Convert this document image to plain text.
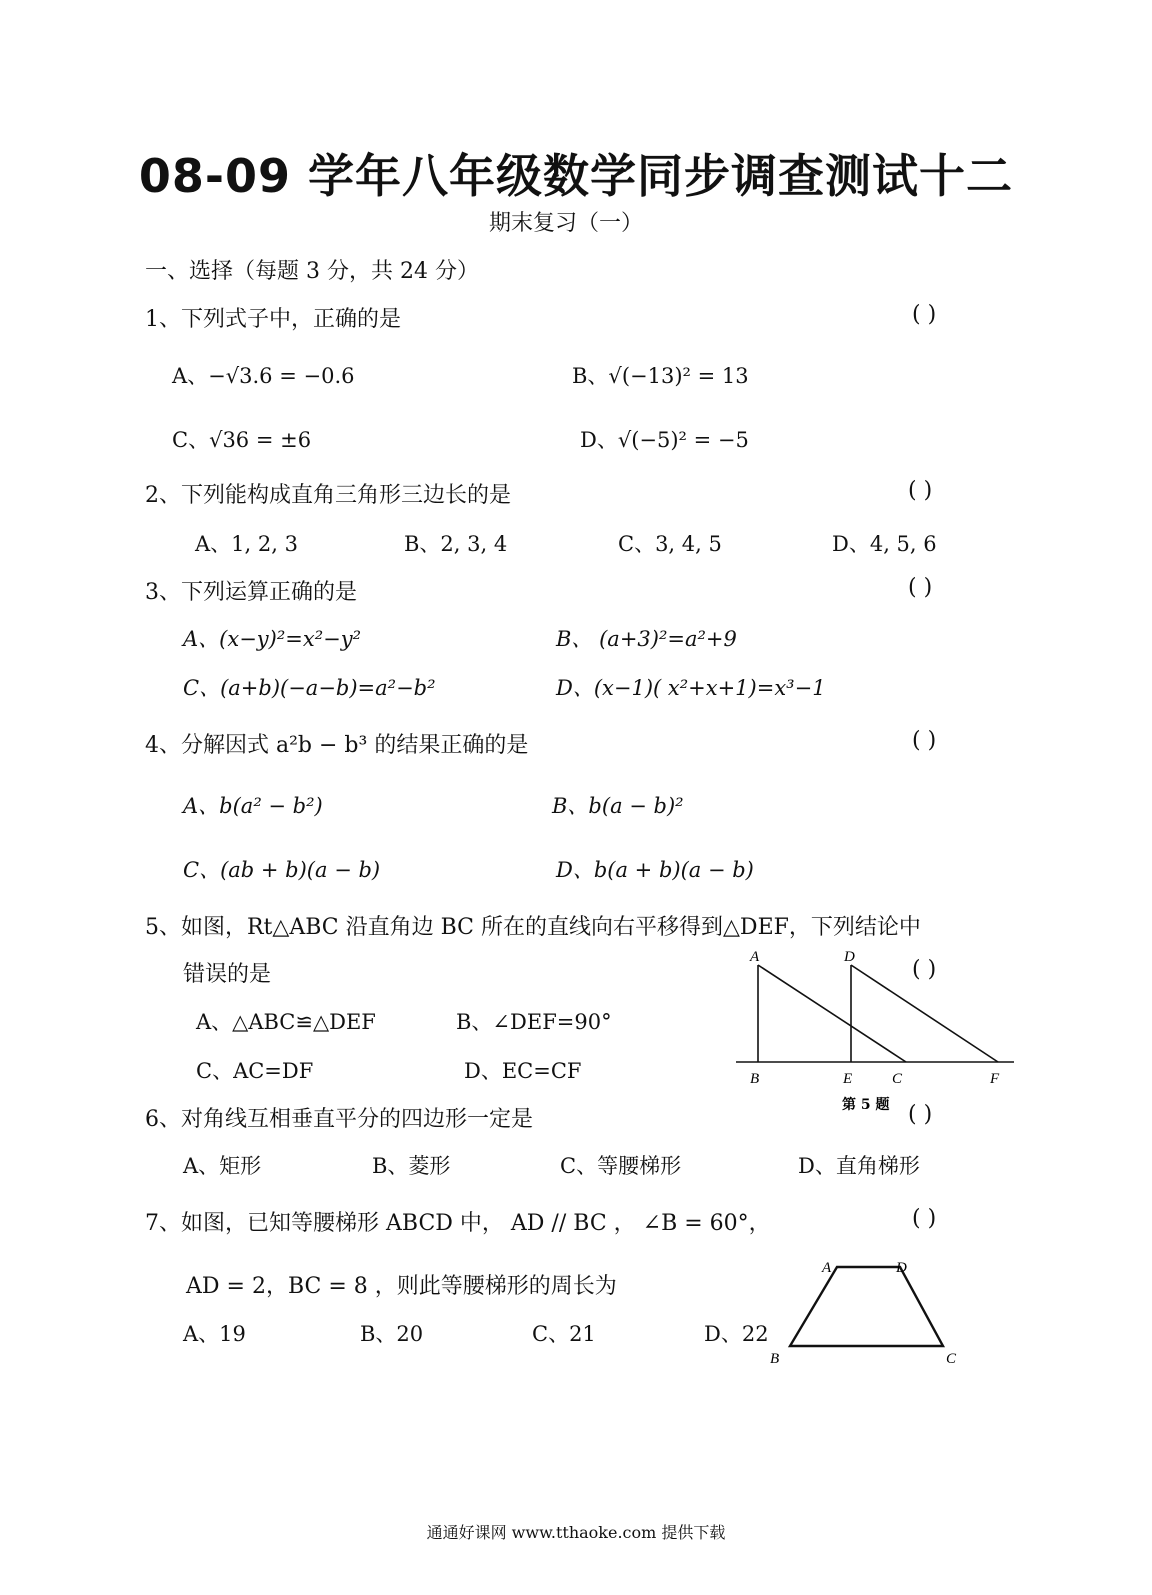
08-09 学年八年级数学同步调查测试十二
期末复习（一）
一、选择（每题 3 分，共 24 分）
1、下列式子中，正确的是	( )
A、−√3.6 = −0.6	B、√(−13)² = 13
C、√36 = ±6	D、√(−5)² = −5
2、下列能构成直角三角形三边长的是	( )
A、1, 2, 3	B、2, 3, 4	C、3, 4, 5	D、4, 5, 6
3、下列运算正确的是	( )
A、(x−y)²=x²−y²	B、 (a+3)²=a²+9
C、(a+b)(−a−b)=a²−b²	D、(x−1)( x²+x+1)=x³−1
4、分解因式 a²b − b³ 的结果正确的是	( )
A、b(a² − b²)	B、b(a − b)²
C、(ab + b)(a − b)	D、b(a + b)(a − b)
5、如图，Rt△ABC 沿直角边 BC 所在的直线向右平移得到△DEF，下列结论中
错误的是	( )
A、△ABC≌△DEF	B、∠DEF=90°
C、AC=DF	D、EC=CF
A	D
B	E	C	F
第 5 题
6、对角线互相垂直平分的四边形一定是	( )
A、矩形	B、菱形	C、等腰梯形	D、直角梯形
7、如图，已知等腰梯形 ABCD 中， AD // BC ， ∠B = 60°，	( )
AD = 2，BC = 8 ，则此等腰梯形的周长为
A、19	B、20	C、21	D、22
A	D
B	C
通通好课网 www.tthaoke.com 提供下载
